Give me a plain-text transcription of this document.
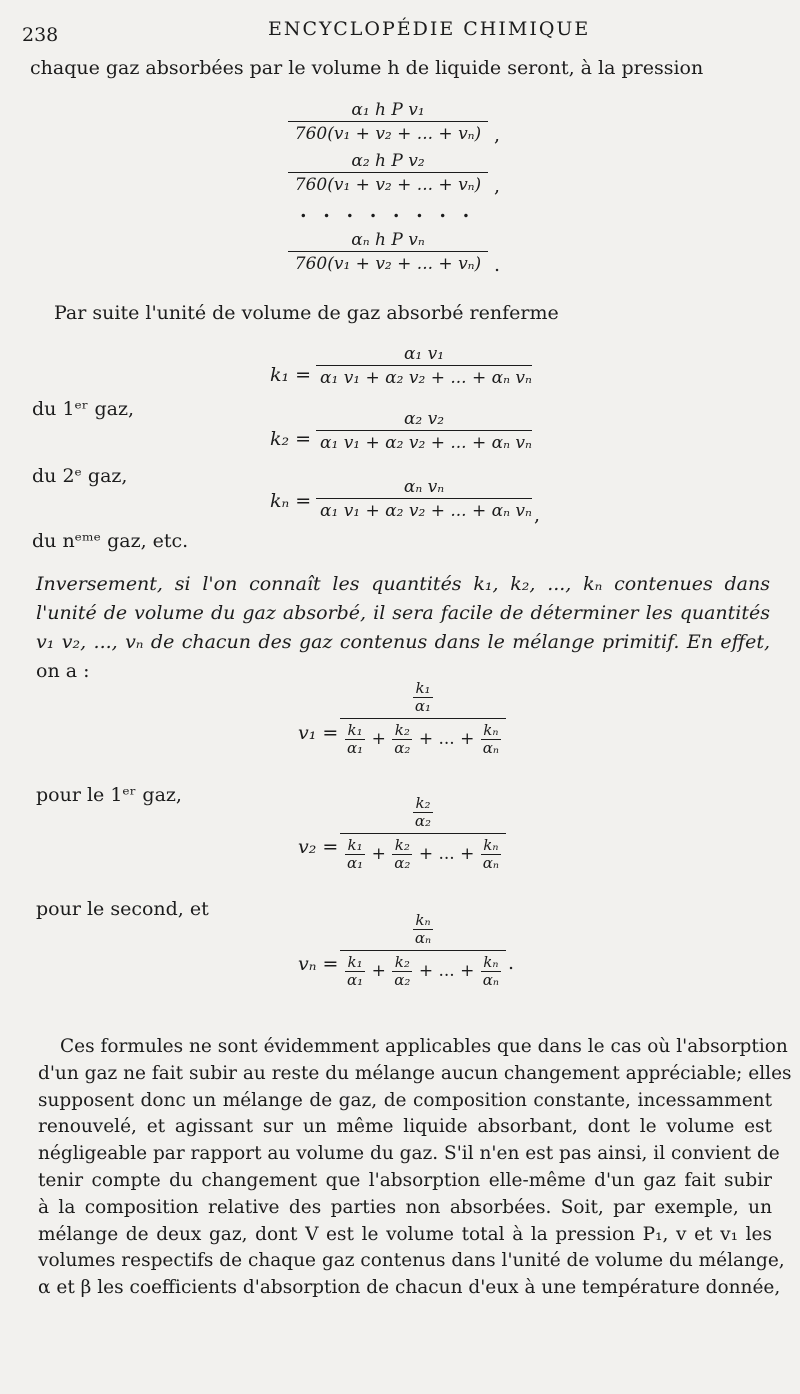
238	ENCYCLOPÉDIE CHIMIQUE
chaque gaz absorbées par le volume h de liquide seront, à la pression
$\frac{\text{α₁ h P v₁}}{\text{760(v₁ + v₂ + ... + vₙ)}}$ ,
$\frac{\text{α₂ h P v₂}}{\text{760(v₁ + v₂ + ... + vₙ)}}$ ,
. . . . . . . .
$\frac{\text{αₙ h P vₙ}}{\text{760(v₁ + v₂ + ... + vₙ)}}$ .
Par suite l'unité de volume de gaz absorbé renferme
$k_1 = \frac{\text{α₁ v₁}}{\text{α₁ v₁ + α₂ v₂ + ... + αₙ vₙ}}$
du 1ᵉʳ gaz,
$k_2 = \frac{\text{α₂ v₂}}{\text{α₁ v₁ + α₂ v₂ + ... + αₙ vₙ}}$
du 2ᵉ gaz,
$k_n = \frac{\text{αₙ vₙ}}{\text{α₁ v₁ + α₂ v₂ + ... + αₙ vₙ}}$ ,
du nᵉᵐᵉ gaz, etc.
Inversement, si l'on connaît les quantités k₁, k₂, ..., kₙ contenues dans
l'unité de volume du gaz absorbé, il sera facile de déterminer les quantités
v₁ v₂, ..., vₙ de chacun des gaz contenus dans le mélange primitif. En effet,
on a :
v₁ =
$\frac{\text{k₁}}{\text{α₁}}$
$\frac{\text{k₁}}{\text{α₁}} + \frac{\text{k₂}}{\text{α₂}}$ + ... + $\frac{\text{kₙ}}{\text{αₙ}}$
pour le 1ᵉʳ gaz,
v₂ =
$\frac{\text{k₂}}{\text{α₂}}$
$\frac{\text{k₁}}{\text{α₁}} + \frac{\text{k₂}}{\text{α₂}}$ + ... + $\frac{\text{kₙ}}{\text{αₙ}}$
pour le second, et
vₙ =
$\frac{\text{kₙ}}{\text{αₙ}}$
$\frac{\text{k₁}}{\text{α₁}} + \frac{\text{k₂}}{\text{α₂}}$ + ... + $\frac{\text{kₙ}}{\text{αₙ}}$ .
Ces formules ne sont évidemment applicables que dans le cas où l'absorption
d'un gaz ne fait subir au reste du mélange aucun changement appréciable; elles
supposent donc un mélange de gaz, de composition constante, incessamment
renouvelé, et agissant sur un même liquide absorbant, dont le volume est
négligeable par rapport au volume du gaz. S'il n'en est pas ainsi, il convient de
tenir compte du changement que l'absorption elle-même d'un gaz fait subir
à la composition relative des parties non absorbées. Soit, par exemple, un
mélange de deux gaz, dont V est le volume total à la pression P₁, v et v₁ les
volumes respectifs de chaque gaz contenus dans l'unité de volume du mélange,
α et β les coefficients d'absorption de chacun d'eux à une température donnée,
